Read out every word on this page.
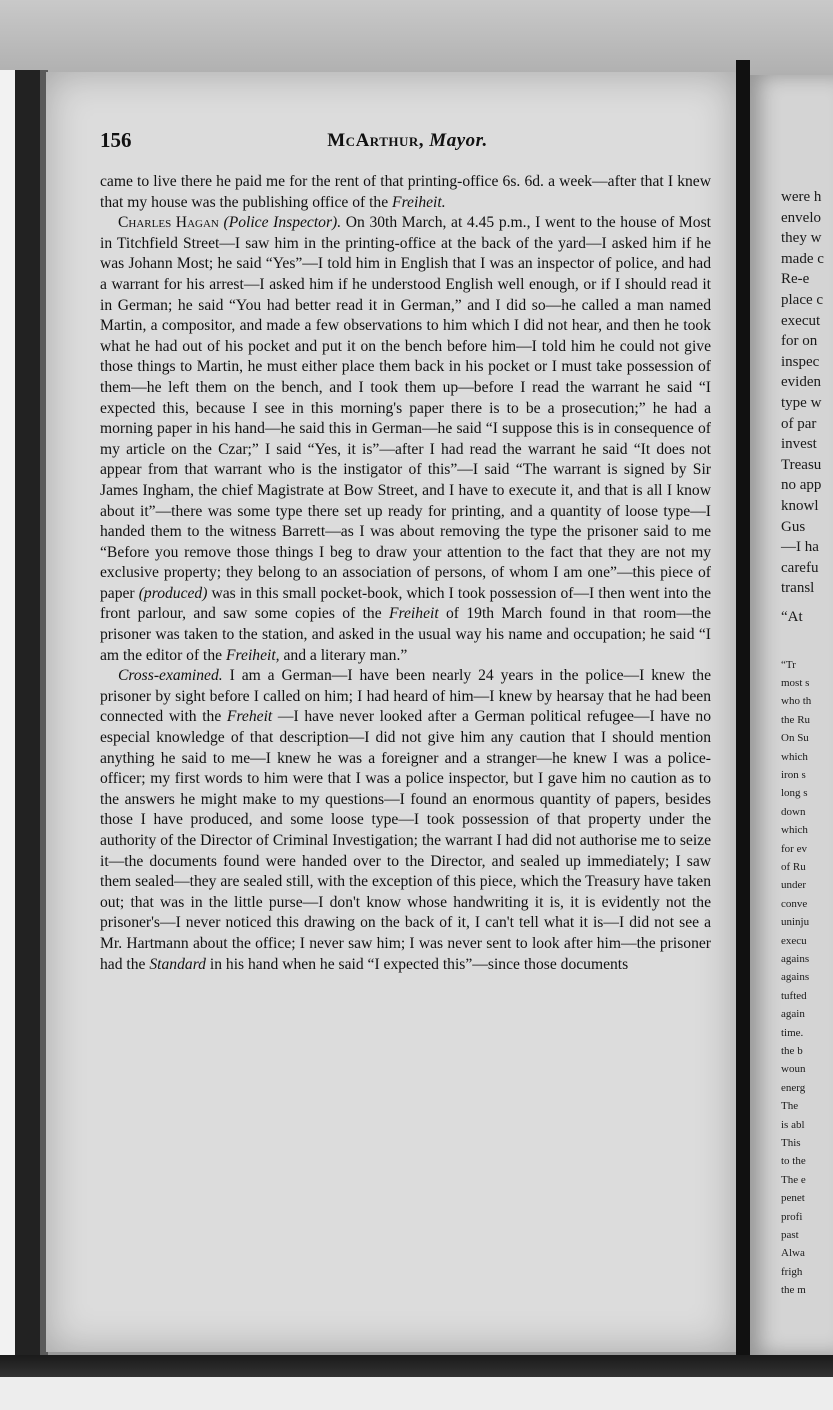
were h
envelo
they w
made c
Re-e
place c
execut
for on
inspec
eviden
type w
of par
invest
Treasu
no app
knowl
Gus
—I ha
carefu
transl
“At
“Tr
most s
who th
the Ru
On Su
which
iron s
long s
down
which
for ev
of Ru
under
conve
uninju
execu
agains
agains
tufted
again
time.
the b
woun
energ
The
is abl
This
to the
The e
penet
profi
past
Alwa
frigh
the m
156	McArthur, Mayor.

came to live there he paid me for the rent of that printing-office 6s. 6d. a week—after that I knew that my house was the publishing office of the Freiheit.

Charles Hagan (Police Inspector). On 30th March, at 4.45 p.m., I went to the house of Most in Titchfield Street—I saw him in the printing-office at the back of the yard—I asked him if he was Johann Most; he said “Yes”—I told him in English that I was an inspector of police, and had a warrant for his arrest—I asked him if he understood English well enough, or if I should read it in German; he said “You had better read it in German,” and I did so—he called a man named Martin, a compositor, and made a few observations to him which I did not hear, and then he took what he had out of his pocket and put it on the bench before him—I told him he could not give those things to Martin, he must either place them back in his pocket or I must take possession of them—he left them on the bench, and I took them up—before I read the warrant he said “I expected this, because I see in this morning's paper there is to be a prosecution;” he had a morning paper in his hand—he said this in German—he said “I suppose this is in consequence of my article on the Czar;” I said “Yes, it is”—after I had read the warrant he said “It does not appear from that warrant who is the instigator of this”—I said “The warrant is signed by Sir James Ingham, the chief Magistrate at Bow Street, and I have to execute it, and that is all I know about it”—there was some type there set up ready for printing, and a quantity of loose type—I handed them to the witness Barrett—as I was about removing the type the prisoner said to me “Before you remove those things I beg to draw your attention to the fact that they are not my exclusive property; they belong to an association of persons, of whom I am one”—this piece of paper (produced) was in this small pocket-book, which I took possession of—I then went into the front parlour, and saw some copies of the Freiheit of 19th March found in that room—the prisoner was taken to the station, and asked in the usual way his name and occupation; he said “I am the editor of the Freiheit, and a literary man.”

Cross-examined. I am a German—I have been nearly 24 years in the police—I knew the prisoner by sight before I called on him; I had heard of him—I knew by hearsay that he had been connected with the Freheit —I have never looked after a German political refugee—I have no especial knowledge of that description—I did not give him any caution that I should mention anything he said to me—I knew he was a foreigner and a stranger—he knew I was a police-officer; my first words to him were that I was a police inspector, but I gave him no caution as to the answers he might make to my questions—I found an enormous quantity of papers, besides those I have produced, and some loose type—I took possession of that property under the authority of the Director of Criminal Investigation; the warrant I had did not authorise me to seize it—the documents found were handed over to the Director, and sealed up immediately; I saw them sealed—they are sealed still, with the exception of this piece, which the Treasury have taken out; that was in the little purse—I don't know whose handwriting it is, it is evidently not the prisoner's—I never noticed this drawing on the back of it, I can't tell what it is—I did not see a Mr. Hartmann about the office; I never saw him; I was never sent to look after him—the prisoner had the Standard in his hand when he said “I expected this”—since those documents
